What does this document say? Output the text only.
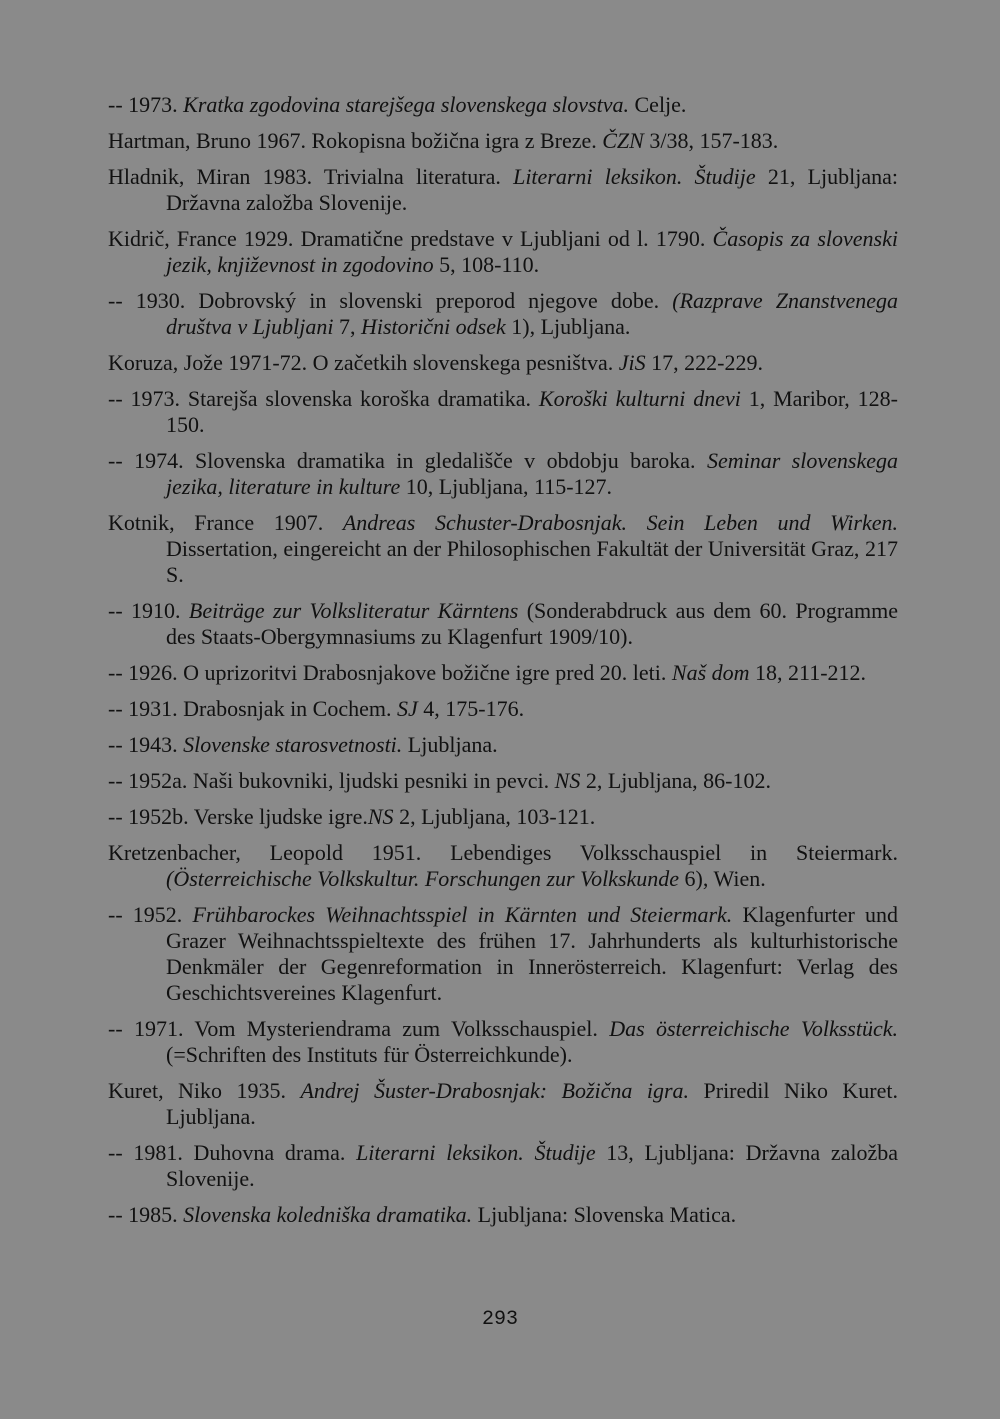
-- 1973. Kratka zgodovina starejšega slovenskega slovstva. Celje.

Hartman, Bruno 1967. Rokopisna božična igra z Breze. ČZN 3/38, 157-183.

Hladnik, Miran 1983. Trivialna literatura. Literarni leksikon. Študije 21, Ljubljana: Državna založba Slovenije.

Kidrič, France 1929. Dramatične predstave v Ljubljani od l. 1790. Časopis za slovenski jezik, književnost in zgodovino 5, 108-110.

-- 1930. Dobrovský in slovenski preporod njegove dobe. (Razprave Znanstvenega društva v Ljubljani 7, Historični odsek 1), Ljubljana.

Koruza, Jože 1971-72. O začetkih slovenskega pesništva. JiS 17, 222-229.

-- 1973. Starejša slovenska koroška dramatika. Koroški kulturni dnevi 1, Maribor, 128-150.

-- 1974. Slovenska dramatika in gledališče v obdobju baroka. Seminar slovenskega jezika, literature in kulture 10, Ljubljana, 115-127.

Kotnik, France 1907. Andreas Schuster-Drabosnjak. Sein Leben und Wirken. Dissertation, eingereicht an der Philosophischen Fakultät der Universität Graz, 217 S.

-- 1910. Beiträge zur Volksliteratur Kärntens (Sonderabdruck aus dem 60. Programme des Staats-Obergymnasiums zu Klagenfurt 1909/10).

-- 1926. O uprizoritvi Drabosnjakove božične igre pred 20. leti. Naš dom 18, 211-212.

-- 1931. Drabosnjak in Cochem. SJ 4, 175-176.

-- 1943. Slovenske starosvetnosti. Ljubljana.

-- 1952a. Naši bukovniki, ljudski pesniki in pevci. NS 2, Ljubljana, 86-102.

-- 1952b. Verske ljudske igre.NS 2, Ljubljana, 103-121.

Kretzenbacher, Leopold 1951. Lebendiges Volksschauspiel in Steiermark. (Österreichische Volkskultur. Forschungen zur Volkskunde 6), Wien.

-- 1952. Frühbarockes Weihnachtsspiel in Kärnten und Steiermark. Klagenfurter und Grazer Weihnachtsspieltexte des frühen 17. Jahrhunderts als kulturhistorische Denkmäler der Gegenreformation in Innerösterreich. Klagenfurt: Verlag des Geschichtsvereines Klagenfurt.

-- 1971. Vom Mysteriendrama zum Volksschauspiel. Das österreichische Volksstück. (=Schriften des Instituts für Österreichkunde).

Kuret, Niko 1935. Andrej Šuster-Drabosnjak: Božična igra. Priredil Niko Kuret. Ljubljana.

-- 1981. Duhovna drama. Literarni leksikon. Študije 13, Ljubljana: Državna založba Slovenije.

-- 1985. Slovenska koledniška dramatika. Ljubljana: Slovenska Matica.

293
